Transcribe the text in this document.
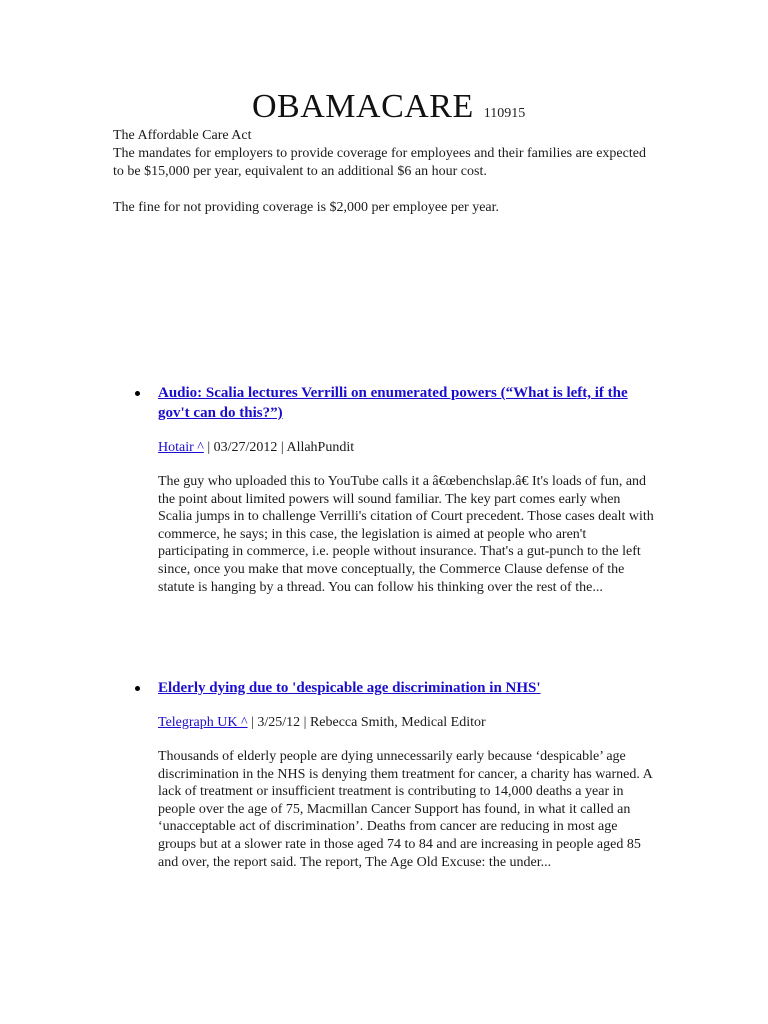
OBAMACARE 110915

The Affordable Care Act

The mandates for employers to provide coverage for employees and their families are expected to be $15,000 per year, equivalent to an additional $6 an hour cost.

The fine for not providing coverage is $2,000 per employee per year.

Audio: Scalia lectures Verrilli on enumerated powers (“What is left, if the gov't can do this?”)
Hotair ^ | 03/27/2012 | AllahPundit
The guy who uploaded this to YouTube calls it a â€œbenchslap.â€ It's loads of fun, and the point about limited powers will sound familiar. The key part comes early when Scalia jumps in to challenge Verrilli's citation of Court precedent. Those cases dealt with commerce, he says; in this case, the legislation is aimed at people who aren't participating in commerce, i.e. people without insurance. That's a gut-punch to the left since, once you make that move conceptually, the Commerce Clause defense of the statute is hanging by a thread. You can follow his thinking over the rest of the...
Elderly dying due to 'despicable age discrimination in NHS'
Telegraph UK ^ | 3/25/12 | Rebecca Smith, Medical Editor
Thousands of elderly people are dying unnecessarily early because ‘despicable’ age discrimination in the NHS is denying them treatment for cancer, a charity has warned. A lack of treatment or insufficient treatment is contributing to 14,000 deaths a year in people over the age of 75, Macmillan Cancer Support has found, in what it called an ‘unacceptable act of discrimination’. Deaths from cancer are reducing in most age groups but at a slower rate in those aged 74 to 84 and are increasing in people aged 85 and over, the report said. The report, The Age Old Excuse: the under...
